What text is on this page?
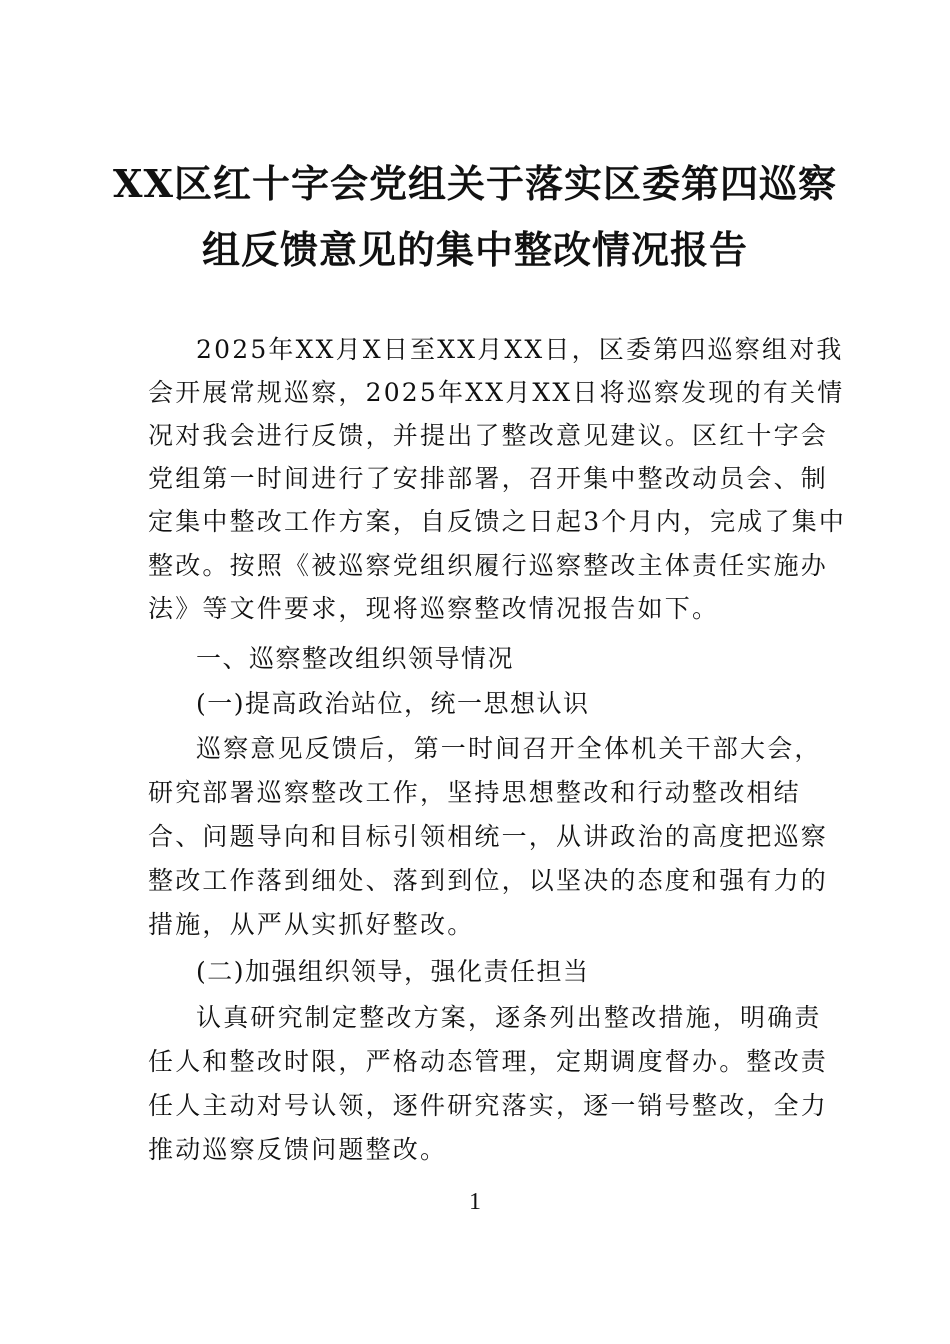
XX区红十字会党组关于落实区委第四巡察
组反馈意见的集中整改情况报告
2025年XX月X日至XX月XX日，区委第四巡察组对我
会开展常规巡察，2025年XX月XX日将巡察发现的有关情
况对我会进行反馈，并提出了整改意见建议。区红十字会
党组第一时间进行了安排部署，召开集中整改动员会、制
定集中整改工作方案，自反馈之日起3个月内，完成了集中
整改。按照《被巡察党组织履行巡察整改主体责任实施办
法》等文件要求，现将巡察整改情况报告如下。
一、巡察整改组织领导情况
(一)提高政治站位，统一思想认识
巡察意见反馈后，第一时间召开全体机关干部大会，
研究部署巡察整改工作，坚持思想整改和行动整改相结
合、问题导向和目标引领相统一，从讲政治的高度把巡察
整改工作落到细处、落到到位，以坚决的态度和强有力的
措施，从严从实抓好整改。
(二)加强组织领导，强化责任担当
认真研究制定整改方案，逐条列出整改措施，明确责
任人和整改时限，严格动态管理，定期调度督办。整改责
任人主动对号认领，逐件研究落实，逐一销号整改，全力
推动巡察反馈问题整改。
1
